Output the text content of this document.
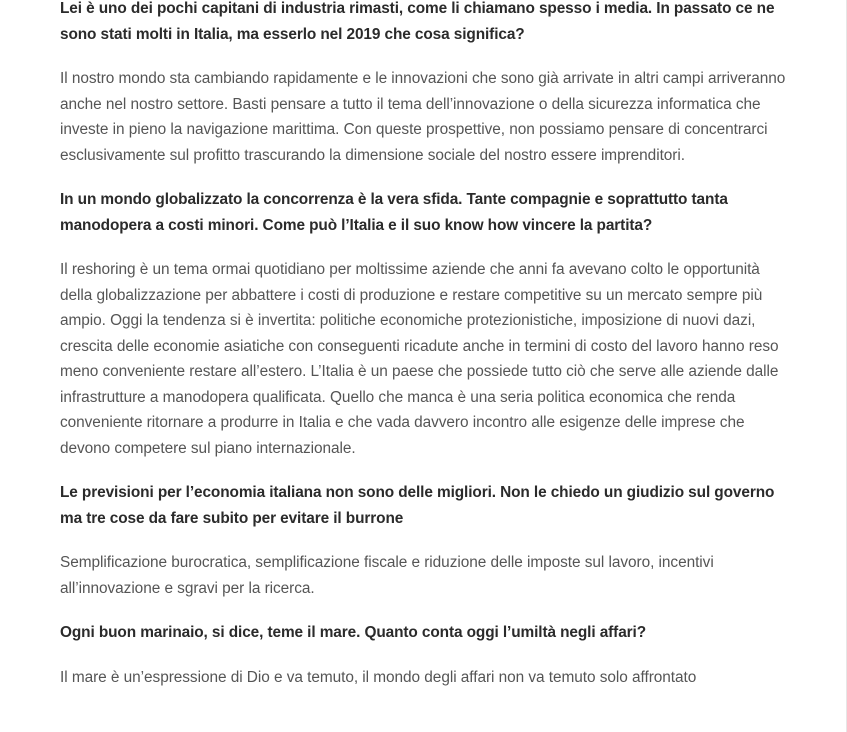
Lei è uno dei pochi capitani di industria rimasti, come li chiamano spesso i media. In passato ce ne sono stati molti in Italia, ma esserlo nel 2019 che cosa significa?

Il nostro mondo sta cambiando rapidamente e le innovazioni che sono già arrivate in altri campi arriveranno anche nel nostro settore. Basti pensare a tutto il tema dell’innovazione o della sicurezza informatica che investe in pieno la navigazione marittima. Con queste prospettive, non possiamo pensare di concentrarci esclusivamente sul profitto trascurando la dimensione sociale del nostro essere imprenditori.

In un mondo globalizzato la concorrenza è la vera sfida. Tante compagnie e soprattutto tanta manodopera a costi minori. Come può l’Italia e il suo know how vincere la partita?

Il reshoring è un tema ormai quotidiano per moltissime aziende che anni fa avevano colto le opportunità della globalizzazione per abbattere i costi di produzione e restare competitive su un mercato sempre più ampio. Oggi la tendenza si è invertita: politiche economiche protezionistiche, imposizione di nuovi dazi, crescita delle economie asiatiche con conseguenti ricadute anche in termini di costo del lavoro hanno reso meno conveniente restare all’estero. L’Italia è un paese che possiede tutto ciò che serve alle aziende dalle infrastrutture a manodopera qualificata. Quello che manca è una seria politica economica che renda conveniente ritornare a produrre in Italia e che vada davvero incontro alle esigenze delle imprese che devono competere sul piano internazionale.

Le previsioni per l’economia italiana non sono delle migliori. Non le chiedo un giudizio sul governo ma tre cose da fare subito per evitare il burrone

Semplificazione burocratica, semplificazione fiscale e riduzione delle imposte sul lavoro, incentivi all’innovazione e sgravi per la ricerca.

Ogni buon marinaio, si dice, teme il mare. Quanto conta oggi l’umiltà negli affari?

Il mare è un’espressione di Dio e va temuto, il mondo degli affari non va temuto solo affrontato
